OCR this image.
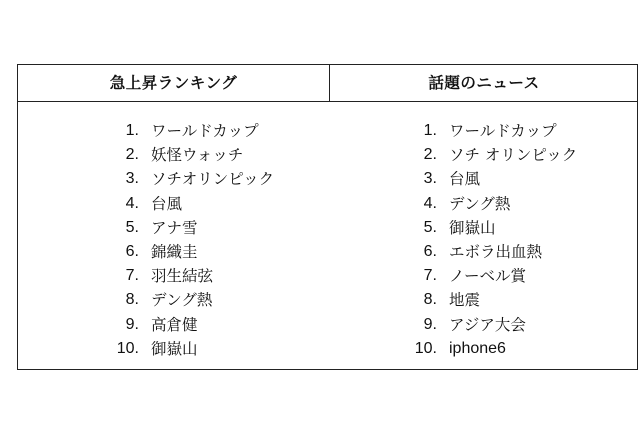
急上昇ランキング	話題のニュース
1. ワールドカップ
2. 妖怪ウォッチ
3. ソチオリンピック
4. 台風
5. アナ雪
6. 錦織圭
7. 羽生結弦
8. デング熱
9. 高倉健
10. 御嶽山
1. ワールドカップ
2. ソチ オリンピック
3. 台風
4. デング熱
5. 御嶽山
6. エボラ出血熱
7. ノーベル賞
8. 地震
9. アジア大会
10. iphone6
